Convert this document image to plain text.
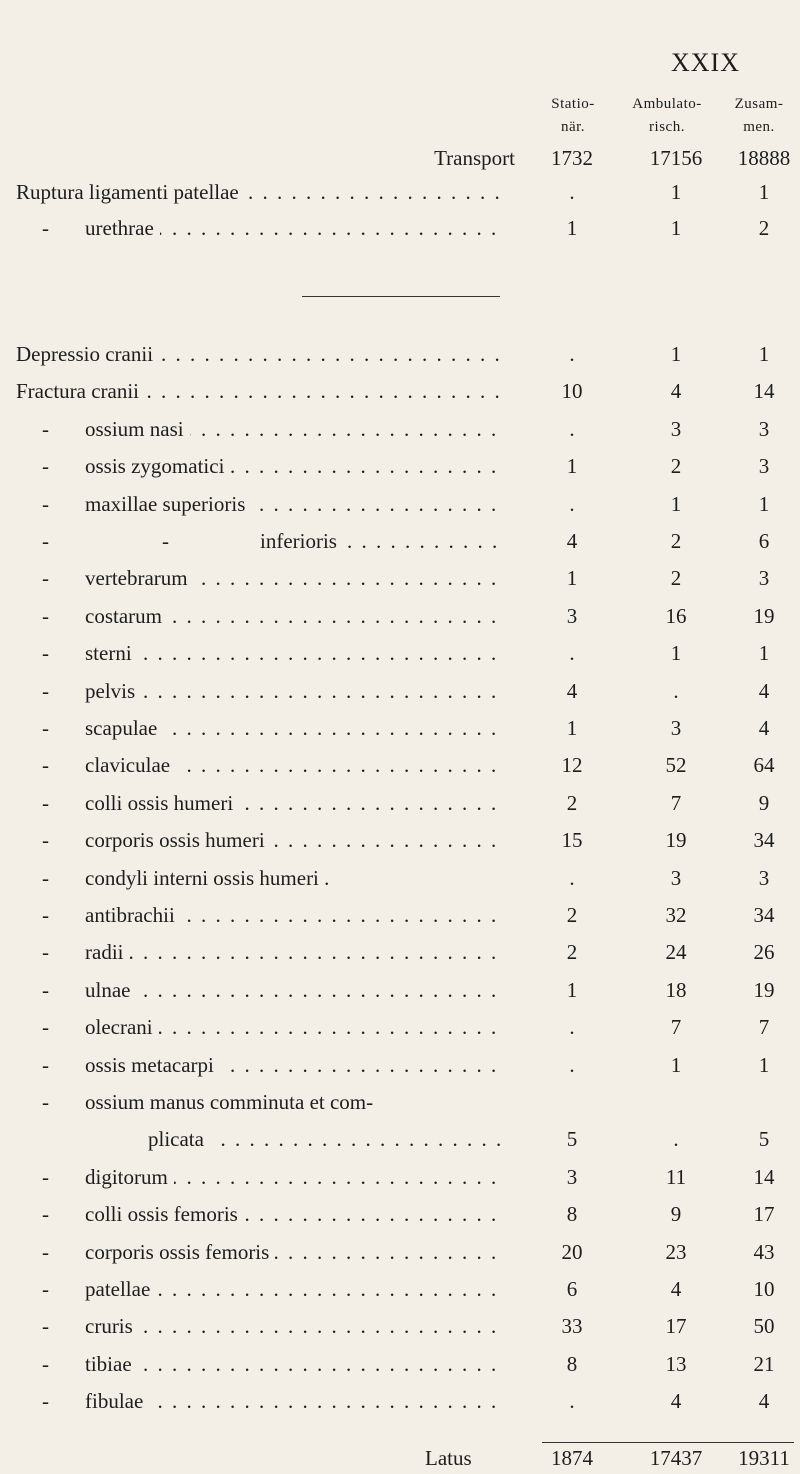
XXIX
Statio-
när.
Ambulato-
risch.
Zusam-
men.
Transport	1732	17156 18888
Ruptura ligamenti patellae . . .	.	1	1
- urethrae . . .	1	1	2
Depressio cranii . . .	.	1	1
Fractura cranii . . .	10	4	14
- ossium nasi . . .	.	3	3
- ossis zygomatici . . .	1	2	3
- maxillae superioris . . .	.	1	1
-	-	inferioris . . .	4	2	6
- vertebrarum . . .	1	2	3
- costarum . . .	3	16	19
- sterni . . .	.	1	1
- pelvis . . .	4	.	4
- scapulae . . .	1	3	4
- claviculae . . .	12	52	64
- colli ossis humeri . . .	2	7	9
- corporis ossis humeri . . .	15	19	34
- condyli interni ossis humeri .	.	3	3
- antibrachii . . .	2	32	34
- radii . . .	2	24	26
- ulnae . . .	1	18	19
- olecrani . . .	.	7	7
- ossis metacarpi . . .	.	1	1
- ossium manus comminuta et com-
plicata . . .	5	.	5
- digitorum . . .	3	11	14
- colli ossis femoris . . .	8	9	17
- corporis ossis femoris . . .	20	23	43
- patellae . . .	6	4	10
- cruris . . .	33	17	50
- tibiae . . .	8	13	21
- fibulae . . .	.	4	4
Latus	1874	17437 19311
